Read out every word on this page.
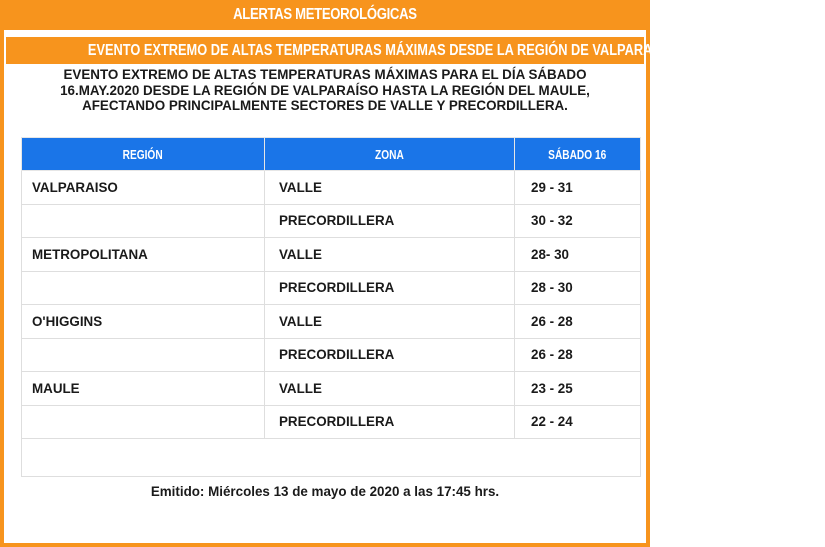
ALERTAS METEOROLÓGICAS
EVENTO EXTREMO DE ALTAS TEMPERATURAS MÁXIMAS DESDE LA REGIÓN DE VALPARAÍSO AL MAULE
EVENTO EXTREMO DE ALTAS TEMPERATURAS MÁXIMAS PARA EL DÍA SÁBADO
16.MAY.2020 DESDE LA REGIÓN DE VALPARAÍSO HASTA LA REGIÓN DEL MAULE,
AFECTANDO PRINCIPALMENTE SECTORES DE VALLE Y PRECORDILLERA.
REGIÓN	ZONA	SÁBADO 16
VALPARAISO	VALLE	29 - 31
	PRECORDILLERA	30 - 32
METROPOLITANA	VALLE	28- 30
	PRECORDILLERA	28 - 30
O'HIGGINS	VALLE	26 - 28
	PRECORDILLERA	26 - 28
MAULE	VALLE	23 - 25
	PRECORDILLERA	22 - 24

Emitido: Miércoles 13 de mayo de 2020 a las 17:45 hrs.
